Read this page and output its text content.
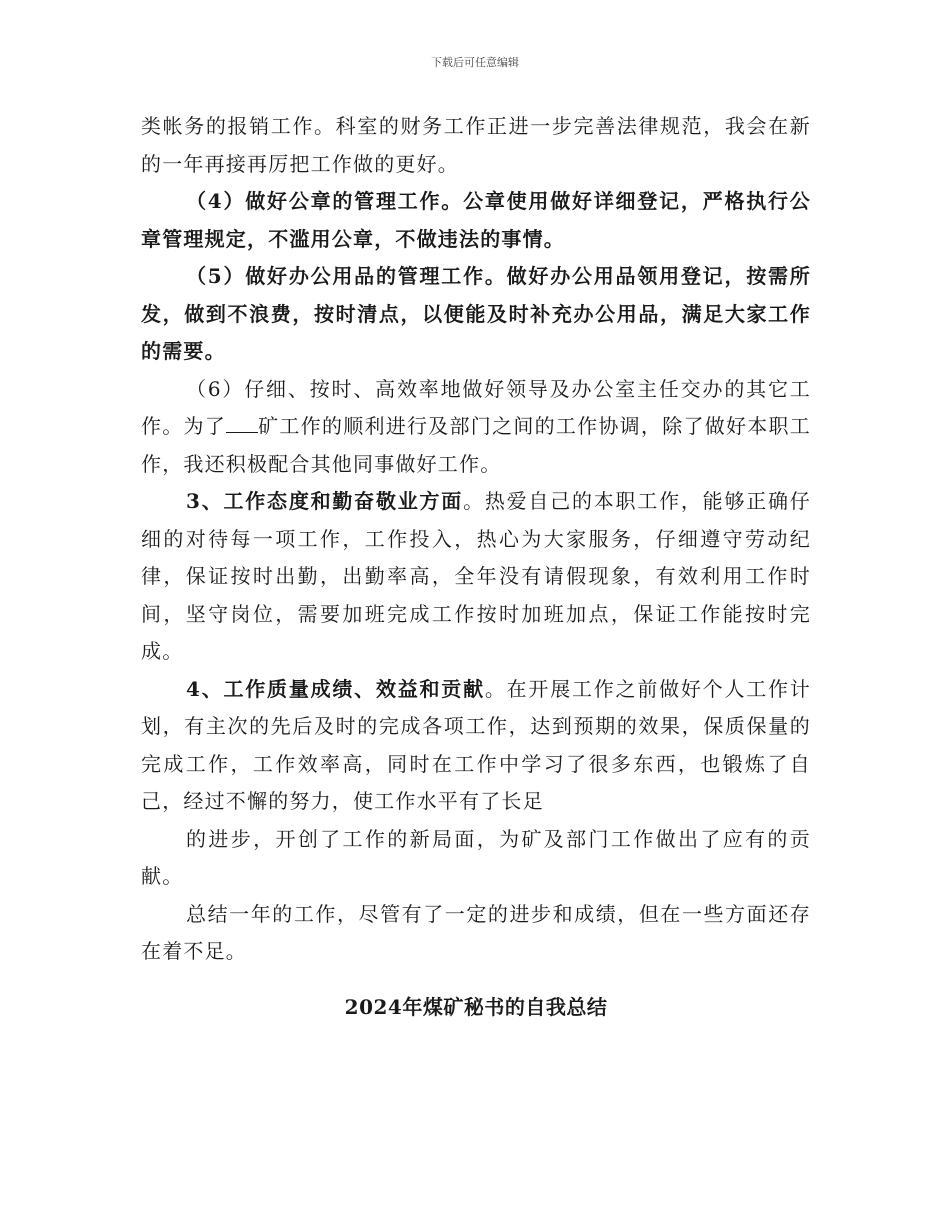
下载后可任意编辑

类帐务的报销工作。科室的财务工作正进一步完善法律规范，我会在新的一年再接再厉把工作做的更好。

（4）做好公章的管理工作。公章使用做好详细登记，严格执行公章管理规定，不滥用公章，不做违法的事情。

（5）做好办公用品的管理工作。做好办公用品领用登记，按需所发，做到不浪费，按时清点，以便能及时补充办公用品，满足大家工作的需要。

（6）仔细、按时、高效率地做好领导及办公室主任交办的其它工作。为了 矿工作的顺利进行及部门之间的工作协调，除了做好本职工作，我还积极配合其他同事做好工作。

3、工作态度和勤奋敬业方面。热爱自己的本职工作，能够正确仔细的对待每一项工作，工作投入，热心为大家服务，仔细遵守劳动纪律，保证按时出勤，出勤率高，全年没有请假现象，有效利用工作时间，坚守岗位，需要加班完成工作按时加班加点，保证工作能按时完成。

4、工作质量成绩、效益和贡献。在开展工作之前做好个人工作计划，有主次的先后及时的完成各项工作，达到预期的效果，保质保量的完成工作，工作效率高，同时在工作中学习了很多东西，也锻炼了自己，经过不懈的努力，使工作水平有了长足

的进步，开创了工作的新局面，为矿及部门工作做出了应有的贡献。

总结一年的工作，尽管有了一定的进步和成绩，但在一些方面还存在着不足。

2024年煤矿秘书的自我总结
